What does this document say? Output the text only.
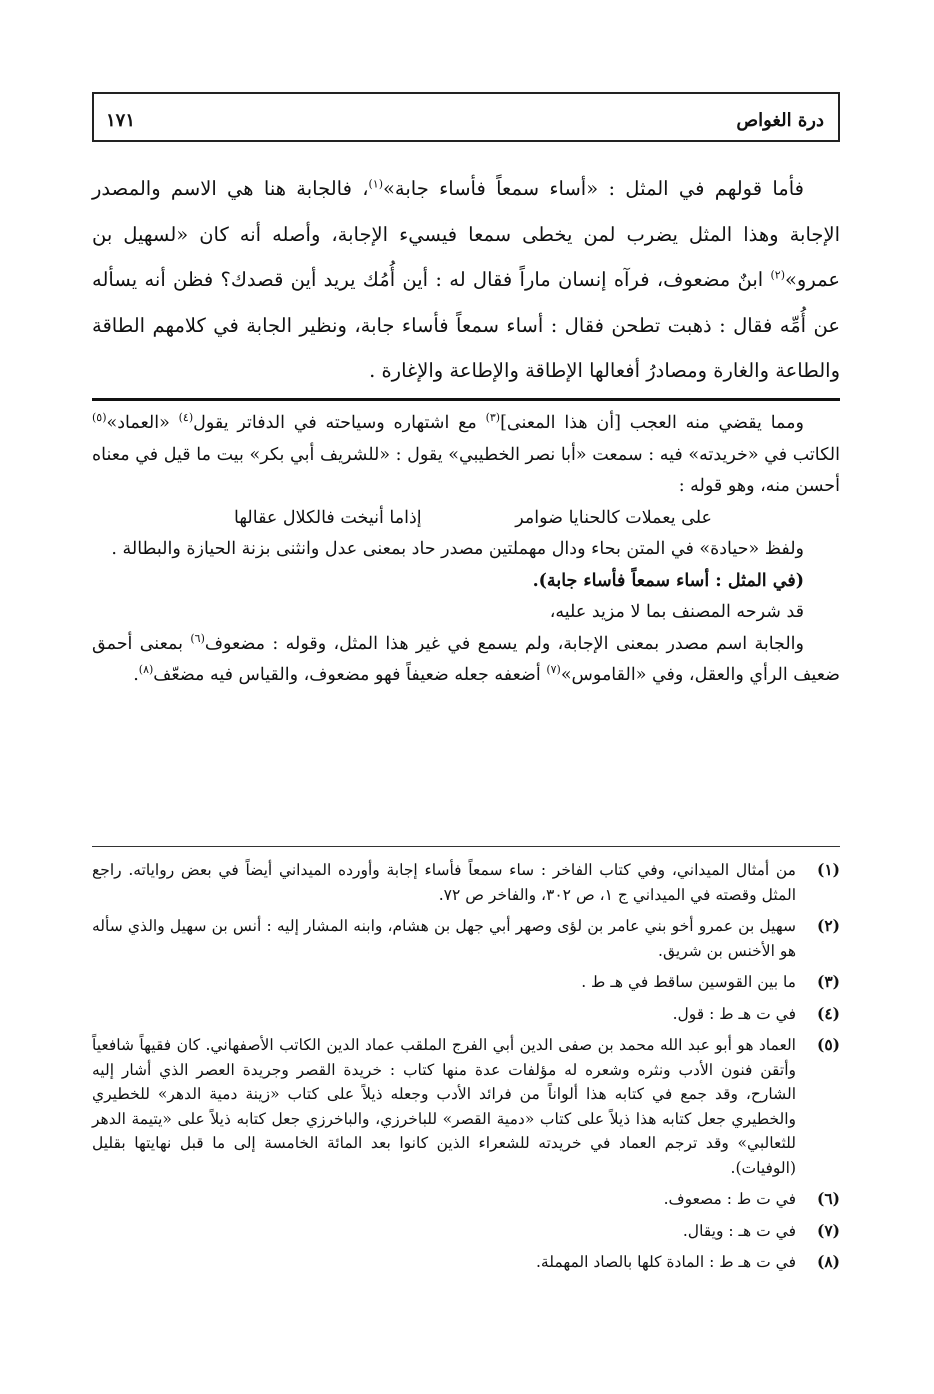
درة الغواص
١٧١

فأما قولهم في المثل : «أساء سمعاً فأساء جابة»$^{(١)}$، فالجابة هنا هي الاسم والمصدر الإجابة وهذا المثل يضرب لمن يخطى سمعا فيسيء الإجابة، وأصله أنه كان «لسهيل بن عمرو»$^{(٢)}$ ابنٌ مضعوف، فرآه إنسان ماراً فقال له : أين أُمُك يريد أين قصدك؟ فظن أنه يسأله عن أُمِّه فقال : ذهبت تطحن فقال : أساء سمعاً فأساء جابة، ونظير الجابة في كلامهم الطاقة والطاعة والغارة ومصادرُ أفعالها الإطاقة والإطاعة والإغارة .

ومما يقضي منه العجب [أن هذا المعنى]$^{(٣)}$ مع اشتهاره وسياحته في الدفاتر يقول$^{(٤)}$ «العماد»$^{(٥)}$ الكاتب في «خريدته» فيه : سمعت «أبا نصر الخطيبي» يقول : «للشريف أبي بكر» بيت ما قيل في معناه أحسن منه، وهو قوله :

على يعملات كالحنايا ضوامر
إذاما أنيخت فالكلال عقالها

ولفظ «حيادة» في المتن بحاء ودال مهملتين مصدر حاد بمعنى عدل وانثنى بزنة الحيازة والبطالة .

(في المثل : أساء سمعاً فأساء جابة).

قد شرحه المصنف بما لا مزيد عليه،

والجابة اسم مصدر بمعنى الإجابة، ولم يسمع في غير هذا المثل، وقوله : مضعوف$^{(٦)}$ بمعنى أحمق ضعيف الرأي والعقل، وفي «القاموس»$^{(٧)}$ أضعفه جعله ضعيفاً فهو مضعوف، والقياس فيه مضعّف$^{(٨)}$.

(١)
من أمثال الميداني، وفي كتاب الفاخر : ساء سمعاً فأساء إجابة وأورده الميداني أيضاً في بعض رواياته. راجع المثل وقصته في الميداني ج ١، ص ٣٠٢، والفاخر ص ٧٢.
(٢)
سهيل بن عمرو أخو بني عامر بن لؤى وصهر أبي جهل بن هشام، وابنه المشار إليه : أنس بن سهيل والذي سأله هو الأخنس بن شريق.
(٣)
ما بين القوسين ساقط في هـ ط .
(٤)
في ت هـ ط : قول.
(٥)
العماد هو أبو عبد الله محمد بن صفى الدين أبي الفرج الملقب عماد الدين الكاتب الأصفهاني. كان فقيهاً شافعياً وأتقن فنون الأدب ونثره وشعره له مؤلفات عدة منها كتاب : خريدة القصر وجريدة العصر الذي أشار إليه الشارح، وقد جمع في كتابه هذا ألواناً من فرائد الأدب وجعله ذيلاً على كتاب «زينة دمية الدهر» للخطيري والخطيري جعل كتابه هذا ذيلاً على كتاب «دمية القصر» للباخرزي، والباخرزي جعل كتابه ذيلاً على «يتيمة الدهر للثعالبي» وقد ترجم العماد في خريدته للشعراء الذين كانوا بعد المائة الخامسة إلى ما قبل نهايتها بقليل (الوفيات).
(٦)
في ت ط : مصعوف.
(٧)
في ت هـ : ويقال.
(٨)
في ت هـ ط : المادة كلها بالصاد المهملة.
